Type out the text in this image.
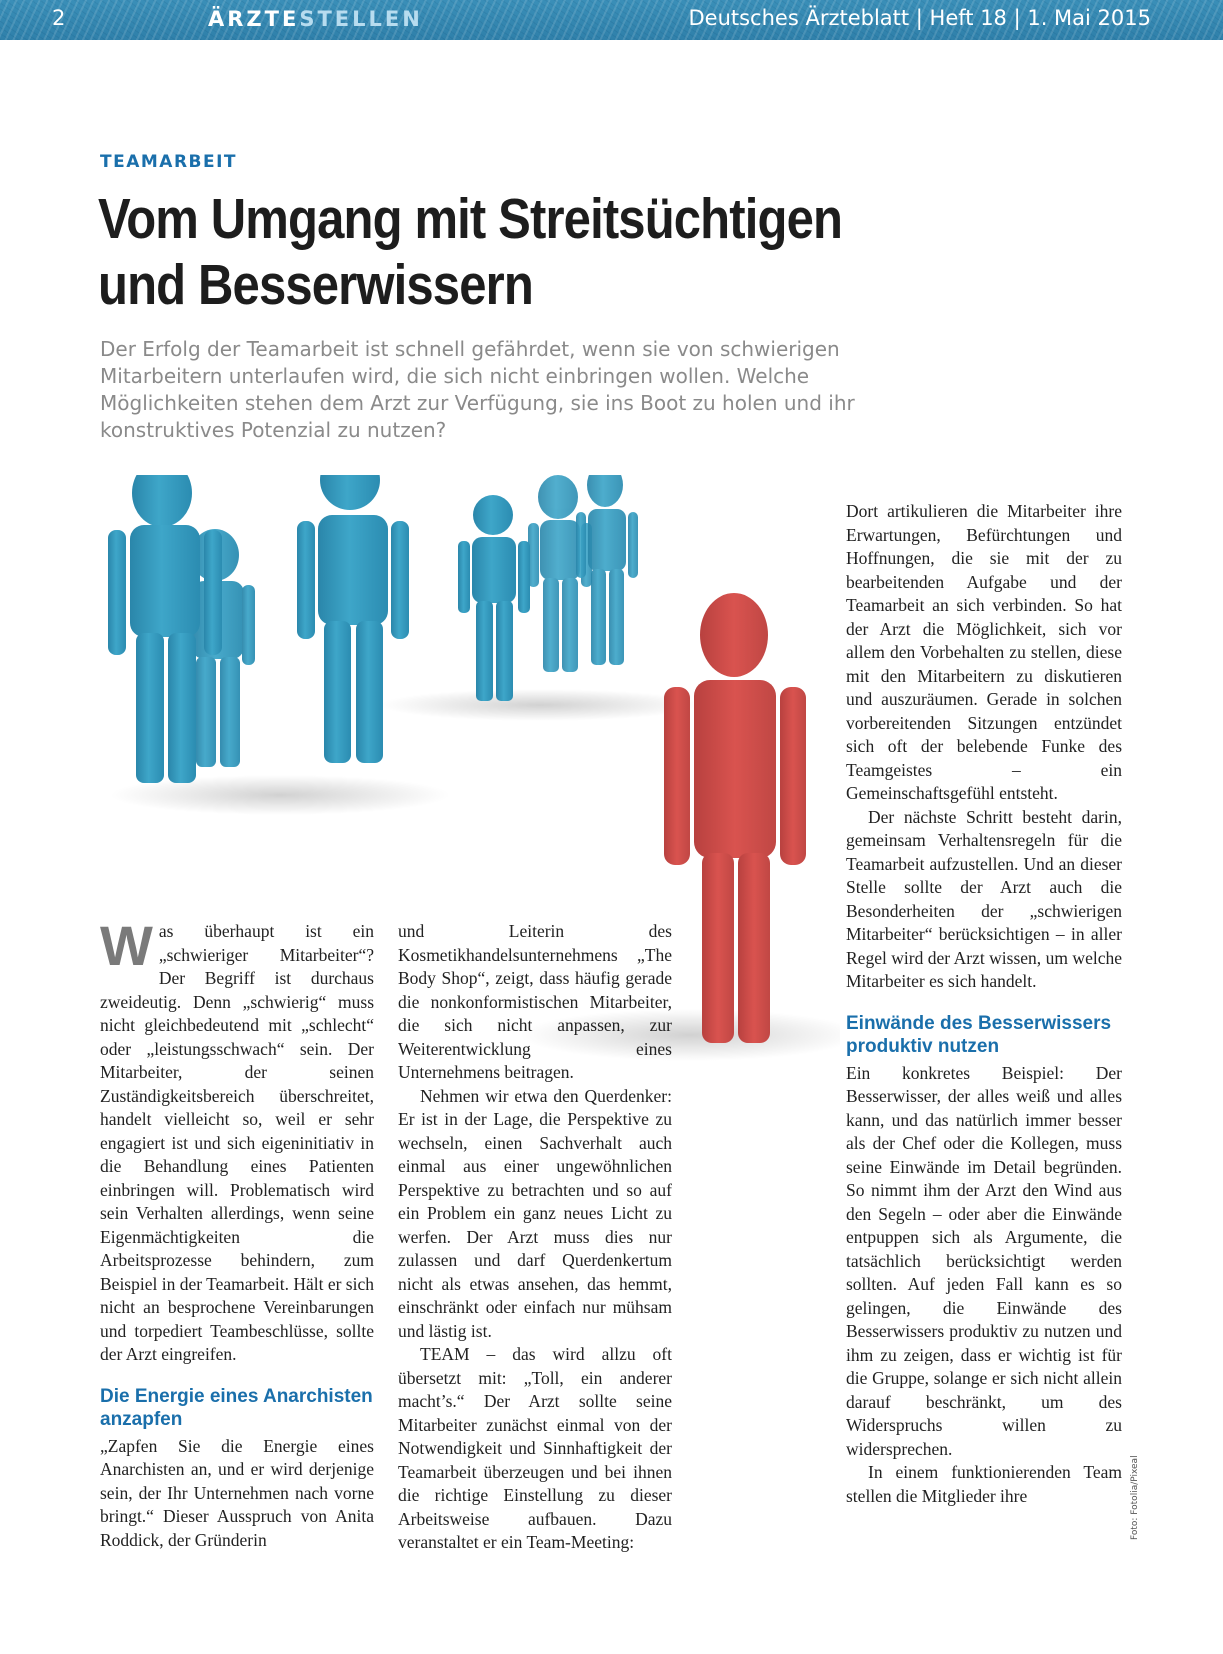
2	ÄRZTESTELLEN	Deutsches Ärzteblatt | Heft 18 | 1. Mai 2015
TEAMARBEIT
Vom Umgang mit Streitsüchtigen
und Besserwissern

Der Erfolg der Teamarbeit ist schnell gefährdet, wenn sie von schwierigen Mitarbeitern unterlaufen wird, die sich nicht einbringen wollen. Welche Möglichkeiten stehen dem Arzt zur Verfügung, sie ins Boot zu holen und ihr konstruktives Potenzial zu nutzen?

Was überhaupt ist ein „schwieriger Mitarbeiter“? Der Begriff ist durchaus zweideutig. Denn „schwierig“ muss nicht gleichbedeutend mit „schlecht“ oder „leistungsschwach“ sein. Der Mitarbeiter, der seinen Zuständigkeitsbereich überschreitet, handelt vielleicht so, weil er sehr engagiert ist und sich eigeninitiativ in die Behandlung eines Patienten einbringen will. Problematisch wird sein Verhalten allerdings, wenn seine Eigenmächtigkeiten die Arbeitsprozesse behindern, zum Beispiel in der Teamarbeit. Hält er sich nicht an besprochene Vereinbarungen und torpediert Teambeschlüsse, sollte der Arzt eingreifen.

Die Energie eines Anarchisten anzapfen

„Zapfen Sie die Energie eines Anarchisten an, und er wird derjenige sein, der Ihr Unternehmen nach vorne bringt.“ Dieser Ausspruch von Anita Roddick, der Gründerin

und Leiterin des Kosmetikhandelsunternehmens „The Body Shop“, zeigt, dass häufig gerade die nonkonformistischen Mitarbeiter, die sich nicht anpassen, zur Weiterentwicklung eines Unternehmens beitragen.

Nehmen wir etwa den Querdenker: Er ist in der Lage, die Perspektive zu wechseln, einen Sachverhalt auch einmal aus einer ungewöhnlichen Perspektive zu betrachten und so auf ein Problem ein ganz neues Licht zu werfen. Der Arzt muss dies nur zulassen und darf Querdenkertum nicht als etwas ansehen, das hemmt, einschränkt oder einfach nur mühsam und lästig ist.

TEAM – das wird allzu oft übersetzt mit: „Toll, ein anderer macht’s.“ Der Arzt sollte seine Mitarbeiter zunächst einmal von der Notwendigkeit und Sinnhaftigkeit der Teamarbeit überzeugen und bei ihnen die richtige Einstellung zu dieser Arbeitsweise aufbauen. Dazu veranstaltet er ein Team-Meeting:

Dort artikulieren die Mitarbeiter ihre Erwartungen, Befürchtungen und Hoffnungen, die sie mit der zu bearbeitenden Aufgabe und der Teamarbeit an sich verbinden. So hat der Arzt die Möglichkeit, sich vor allem den Vorbehalten zu stellen, diese mit den Mitarbeitern zu diskutieren und auszuräumen. Gerade in solchen vorbereitenden Sitzungen entzündet sich oft der belebende Funke des Teamgeistes – ein Gemeinschaftsgefühl entsteht.

Der nächste Schritt besteht darin, gemeinsam Verhaltensregeln für die Teamarbeit aufzustellen. Und an dieser Stelle sollte der Arzt auch die Besonderheiten der „schwierigen Mitarbeiter“ berücksichtigen – in aller Regel wird der Arzt wissen, um welche Mitarbeiter es sich handelt.

Einwände des Besserwissers produktiv nutzen

Ein konkretes Beispiel: Der Besserwisser, der alles weiß und alles kann, und das natürlich immer besser als der Chef oder die Kollegen, muss seine Einwände im Detail begründen. So nimmt ihm der Arzt den Wind aus den Segeln – oder aber die Einwände entpuppen sich als Argumente, die tatsächlich berücksichtigt werden sollten. Auf jeden Fall kann es so gelingen, die Einwände des Besserwissers produktiv zu nutzen und ihm zu zeigen, dass er wichtig ist für die Gruppe, solange er sich nicht allein darauf beschränkt, um des Widerspruchs willen zu widersprechen.

In einem funktionierenden Team stellen die Mitglieder ihre	Foto: Fotolia/Pixeal
